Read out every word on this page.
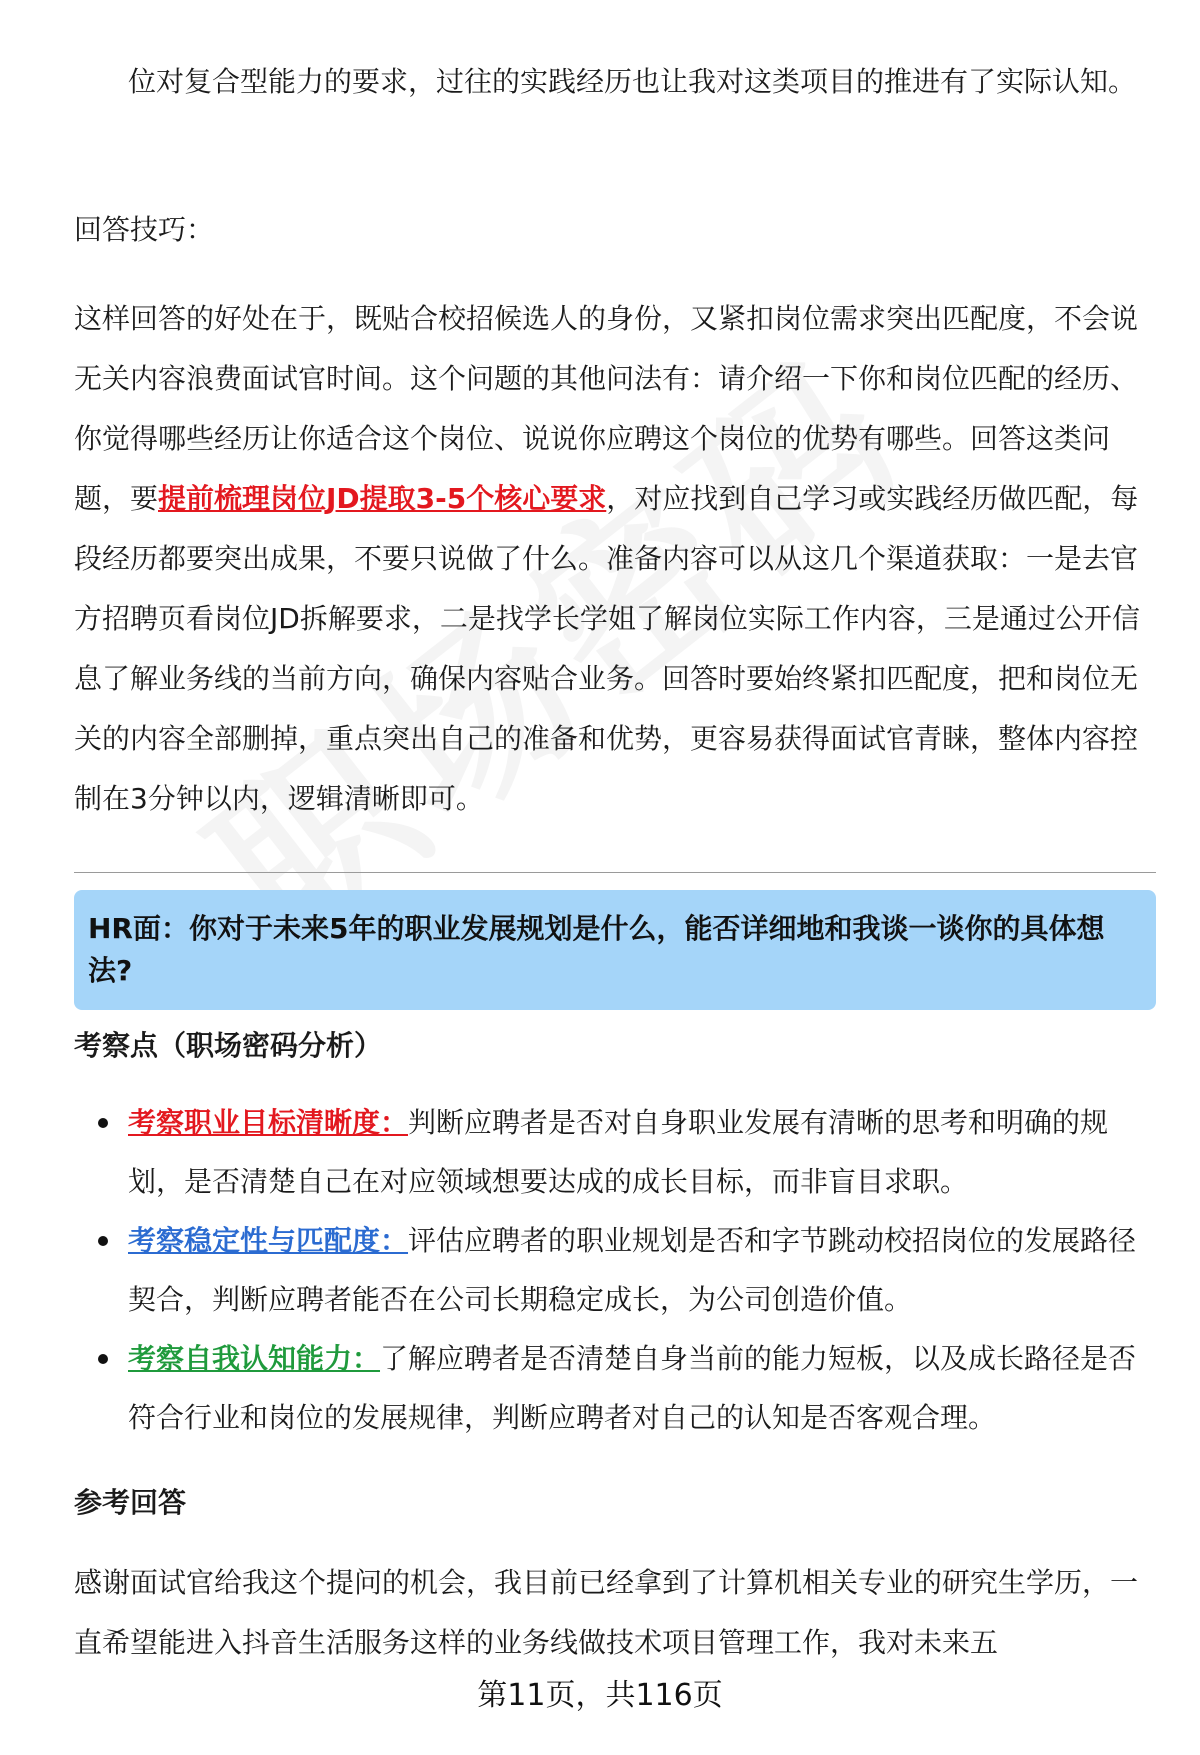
位对复合型能力的要求，过往的实践经历也让我对这类项目的推进有了实际认知。

回答技巧：

这样回答的好处在于，既贴合校招候选人的身份，又紧扣岗位需求突出匹配度，不会说无关内容浪费面试官时间。这个问题的其他问法有：请介绍一下你和岗位匹配的经历、你觉得哪些经历让你适合这个岗位、说说你应聘这个岗位的优势有哪些。回答这类问题，要提前梳理岗位JD提取3-5个核心要求，对应找到自己学习或实践经历做匹配，每段经历都要突出成果，不要只说做了什么。准备内容可以从这几个渠道获取：一是去官方招聘页看岗位JD拆解要求，二是找学长学姐了解岗位实际工作内容，三是通过公开信息了解业务线的当前方向，确保内容贴合业务。回答时要始终紧扣匹配度，把和岗位无关的内容全部删掉，重点突出自己的准备和优势，更容易获得面试官青睐，整体内容控制在3分钟以内，逻辑清晰即可。

HR面：你对于未来5年的职业发展规划是什么，能否详细地和我谈一谈你的具体想法?
考察点（职场密码分析）
考察职业目标清晰度：判断应聘者是否对自身职业发展有清晰的思考和明确的规划，是否清楚自己在对应领域想要达成的成长目标，而非盲目求职。
考察稳定性与匹配度：评估应聘者的职业规划是否和字节跳动校招岗位的发展路径契合，判断应聘者能否在公司长期稳定成长，为公司创造价值。
考察自我认知能力：了解应聘者是否清楚自身当前的能力短板，以及成长路径是否符合行业和岗位的发展规律，判断应聘者对自己的认知是否客观合理。
参考回答

感谢面试官给我这个提问的机会，我目前已经拿到了计算机相关专业的研究生学历，一直希望能进入抖音生活服务这样的业务线做技术项目管理工作，我对未来五

第11页，共116页
